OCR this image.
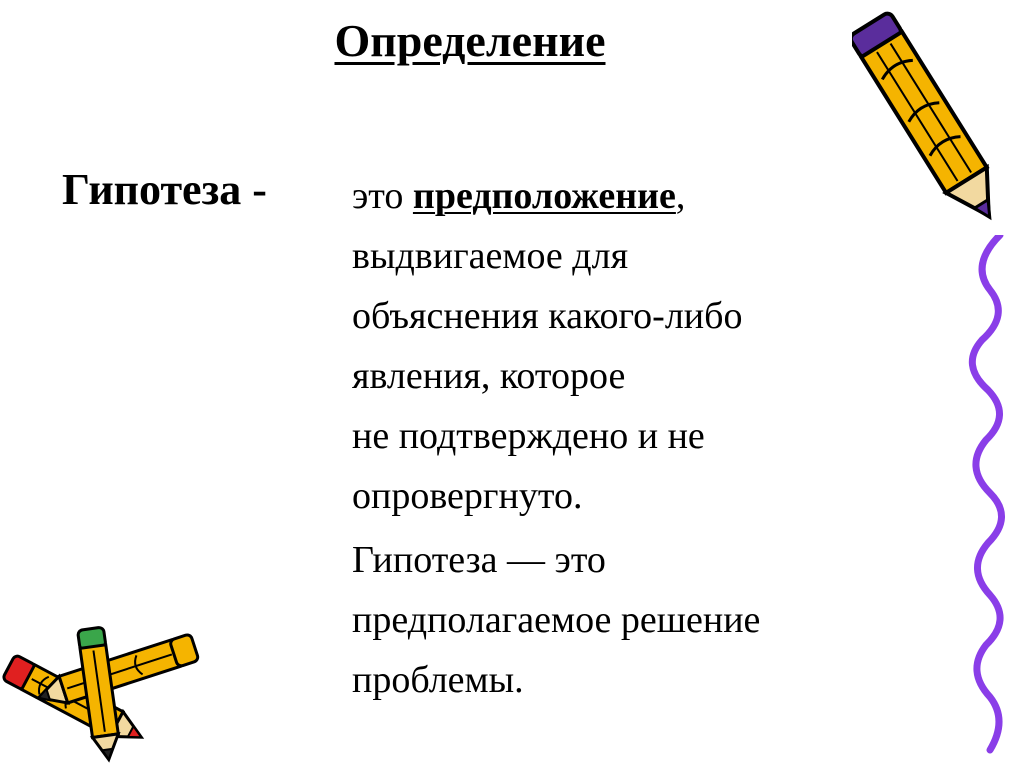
Определение
Гипотеза - это предположение,
выдвигаемое для
объяснения какого-либо
явления, которое
не подтверждено и не
опровергнуто.
Гипотеза — это
предполагаемое решение
проблемы.
